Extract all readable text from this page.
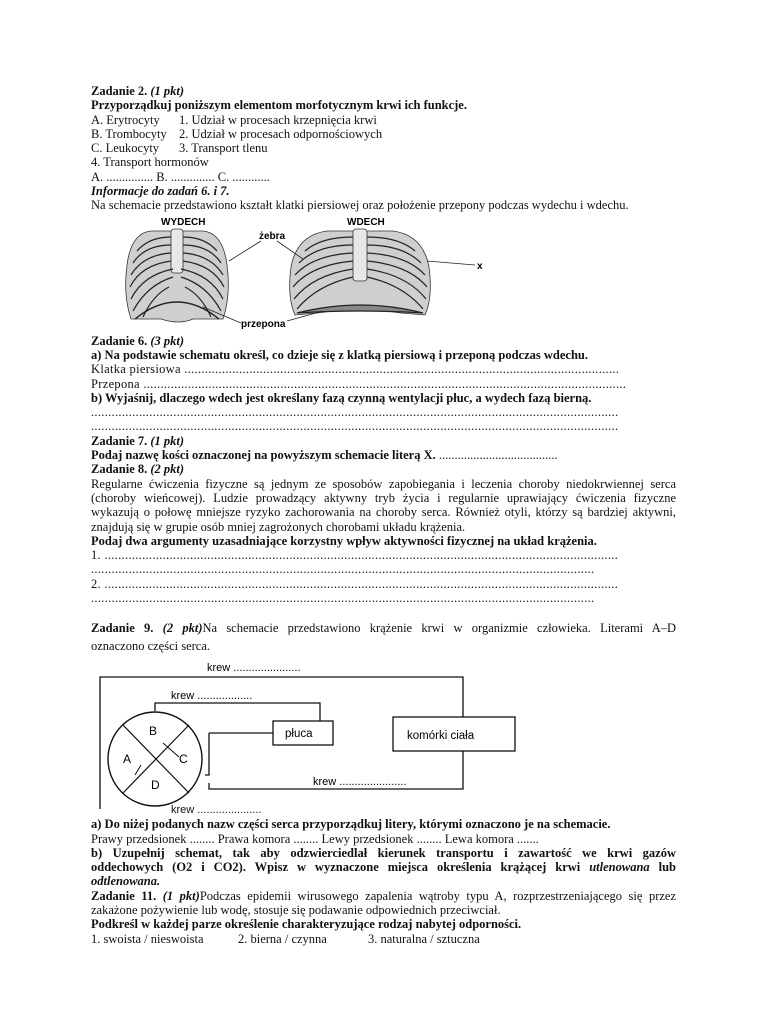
Zadanie 2. (1 pkt)
Przyporządkuj poniższym elementom morfotycznym krwi ich funkcje.
A. Erytrocyty 1. Udział w procesach krzepnięcia krwi
B. Trombocyty 2. Udział w procesach odpornościowych
C. Leukocyty 3. Transport tlenu
4. Transport hormonów
A. ............... B. .............. C. ............
Informacje do zadań 6. i 7.
Na schemacie przedstawiono kształt klatki piersiowej oraz położenie przepony podczas wydechu i wdechu.
WYDECH	WDECH
żebra
x
przepona
Zadanie 6. (3 pkt)
a) Na podstawie schematu określ, co dzieje się z klatką piersiową i przeponą podczas wdechu.
Klatka piersiowa ...............................................................................................................................
Przepona .............................................................................................................................................
b) Wyjaśnij, dlaczego wdech jest określany fazą czynną wentylacji płuc, a wydech fazą bierną.
..........................................................................................................................................................
..........................................................................................................................................................
Zadanie 7. (1 pkt)
Podaj nazwę kości oznaczonej na powyższym schemacie literą X. ......................................
Zadanie 8. (2 pkt)
Regularne ćwiczenia fizyczne są jednym ze sposobów zapobiegania i leczenia choroby niedokrwiennej serca
(choroby wieńcowej). Ludzie prowadzący aktywny tryb życia i regularnie uprawiający ćwiczenia fizyczne
wykazują o połowę mniejsze ryzyko zachorowania na choroby serca. Również otyli, którzy są bardziej aktywni,
znajdują się w grupie osób mniej zagrożonych chorobami układu krążenia.
Podaj dwa argumenty uzasadniające korzystny wpływ aktywności fizycznej na układ krążenia.
1. ......................................................................................................................................................
...................................................................................................................................................
2. ......................................................................................................................................................
...................................................................................................................................................
Zadanie 9. (2 pkt)Na schemacie przedstawiono krążenie krwi w organizmie człowieka. Literami A–D
oznaczono części serca.
A
B
C
D
płuca	komórki ciała
krew ......................
krew ..................
krew ......................
krew .....................
a) Do niżej podanych nazw części serca przyporządkuj litery, którymi oznaczono je na schemacie.
Prawy przedsionek ........ Prawa komora ........ Lewy przedsionek ........ Lewa komora .......
b) Uzupełnij schemat, tak aby odzwierciedlał kierunek transportu i zawartość we krwi gazów
oddechowych (O2 i CO2). Wpisz w wyznaczone miejsca określenia krążącej krwi utlenowana lub
odtlenowana.
Zadanie 11. (1 pkt)Podczas epidemii wirusowego zapalenia wątroby typu A, rozprzestrzeniającego się przez
zakażone pożywienie lub wodę, stosuje się podawanie odpowiednich przeciwciał.
Podkreśl w każdej parze określenie charakteryzujące rodzaj nabytej odporności.
1. swoista / nieswoista	2. bierna / czynna	3. naturalna / sztuczna
